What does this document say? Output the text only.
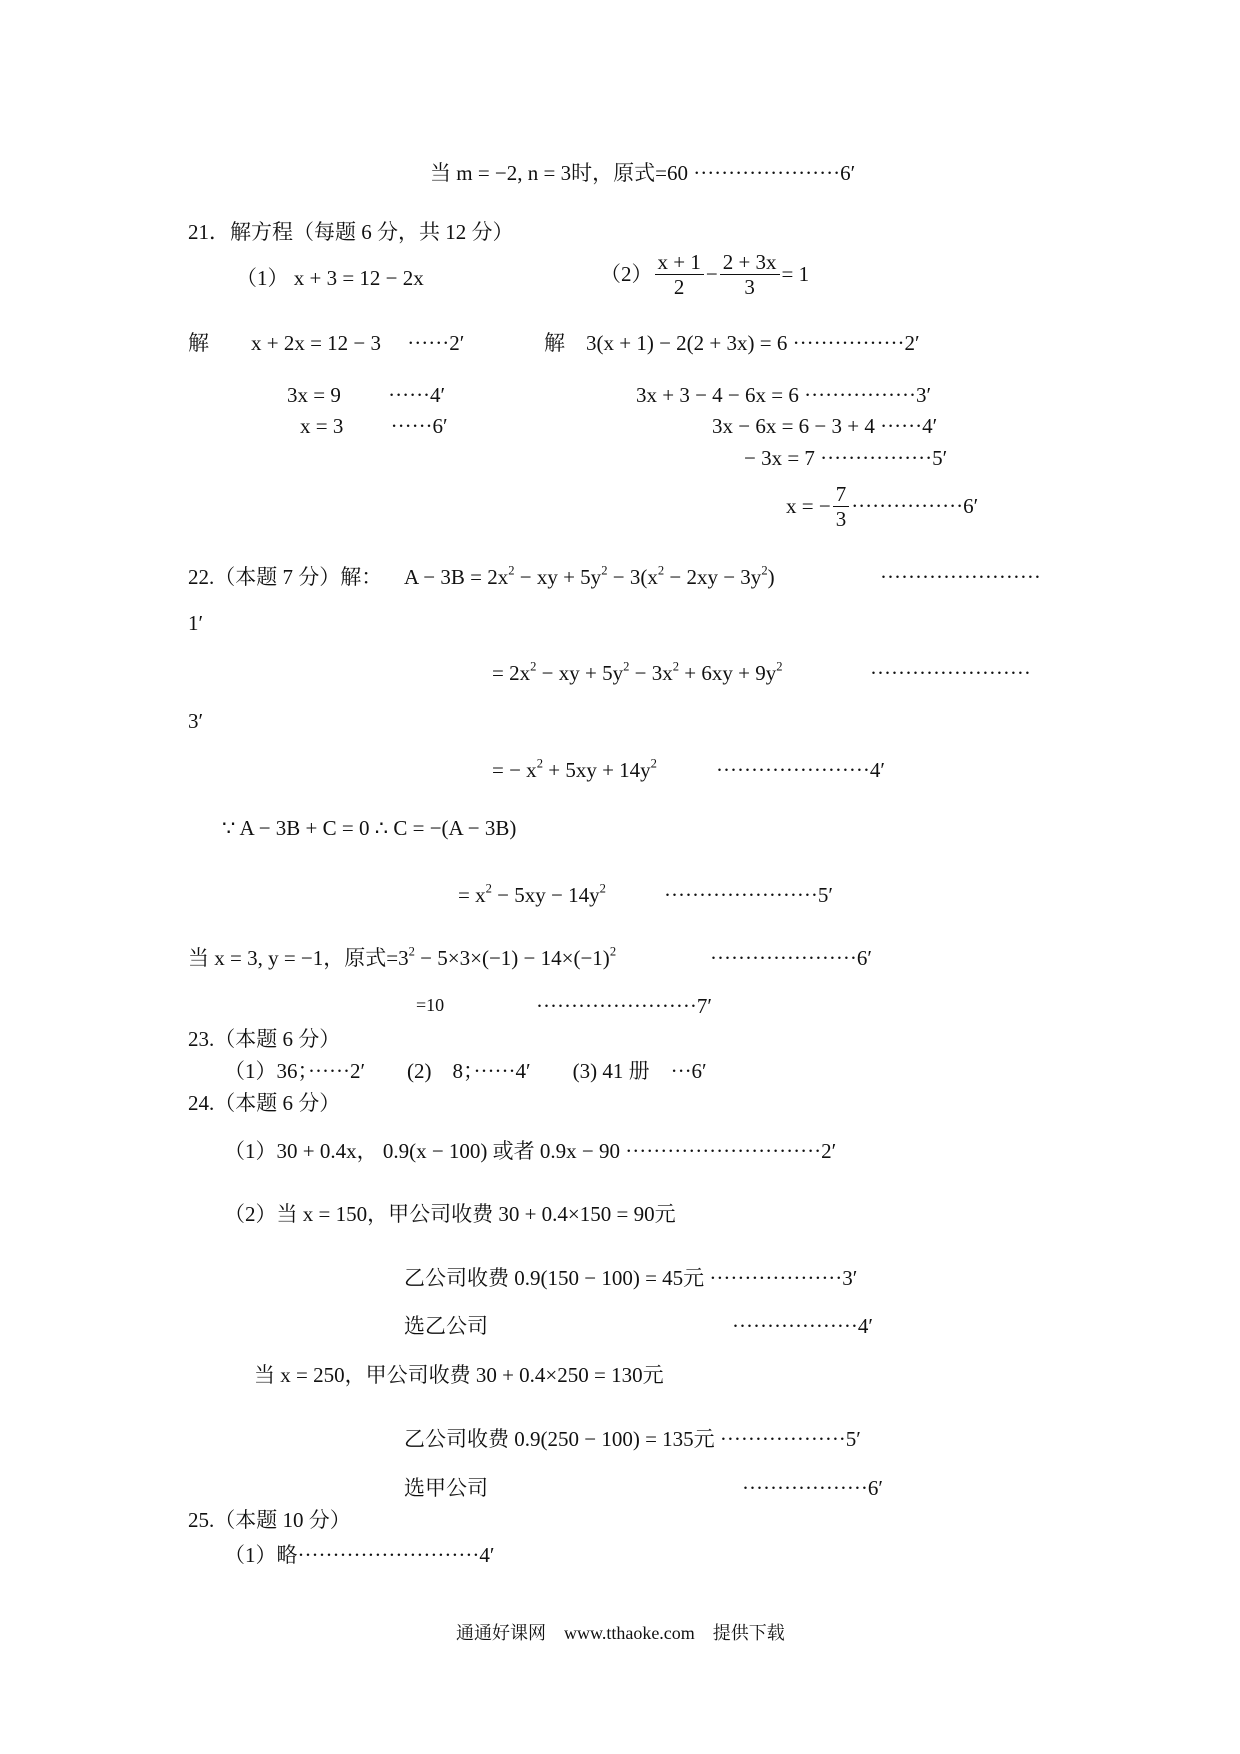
当 m = −2, n = 3时，原式=60 ·····················6′
21．解方程（每题 6 分，共 12 分）
（1） x + 3 = 12 − 2x	$(2) \frac{x + 1}{2} - \frac{2 + 3x}{3} = 1$
解　　x + 2x = 12 − 3　 ······2′	解　3(x + 1) − 2(2 + 3x) = 6 ················2′
3x = 9　　 ······4′	3x + 3 − 4 − 6x = 6 ················3′
x = 3　　 ······6′	3x − 6x = 6 − 3 + 4 ······4′
− 3x = 7 ················5′
x = − $\frac{7}{3} \cdot\cdot\cdot\cdot\cdot\cdot\cdot\cdot\cdot\cdot\cdot\cdot\cdot\cdot\cdot\cdot 6'$
22.（本题 7 分）解： $A - 3B = 2x^2$ − xy + $5y^2 - 3(x^2 - 2xy - 3y^2)$	·······················
1′
= $2x^2$ − xy + $5y^2 - 3x^2 + 6xy + 9y^2$	·······················
3′
= − $x^2 + 5xy + 14y^2$	······················4′
∵ A − 3B + C = 0 ∴ C = −(A − 3B)
= $x^2 - 5xy - 14y^2$	······················5′
当 x = 3, y = −1，原式$=3^2 - 5\times 3\times(-1) - 14\times(-1)^2$	·····················6′
=10	·······················7′
23.（本题 6 分）
（1）36；······2′　　(2)　8；······4′　　(3) 41 册　···6′
24.（本题 6 分）
（1）30 + 0.4x， 0.9(x − 100) 或者 0.9x − 90 ····························2′
（2）当 x = 150，甲公司收费 30 + 0.4×150 = 90元
乙公司收费 0.9(150 − 100) = 45元 ···················3′
选乙公司	··················4′
当 x = 250，甲公司收费 30 + 0.4×250 = 130元
乙公司收费 0.9(250 − 100) = 135元 ··················5′
选甲公司	··················6′
25.（本题 10 分）
（1）略··························4′
通通好课网　www.tthaoke.com　提供下载
